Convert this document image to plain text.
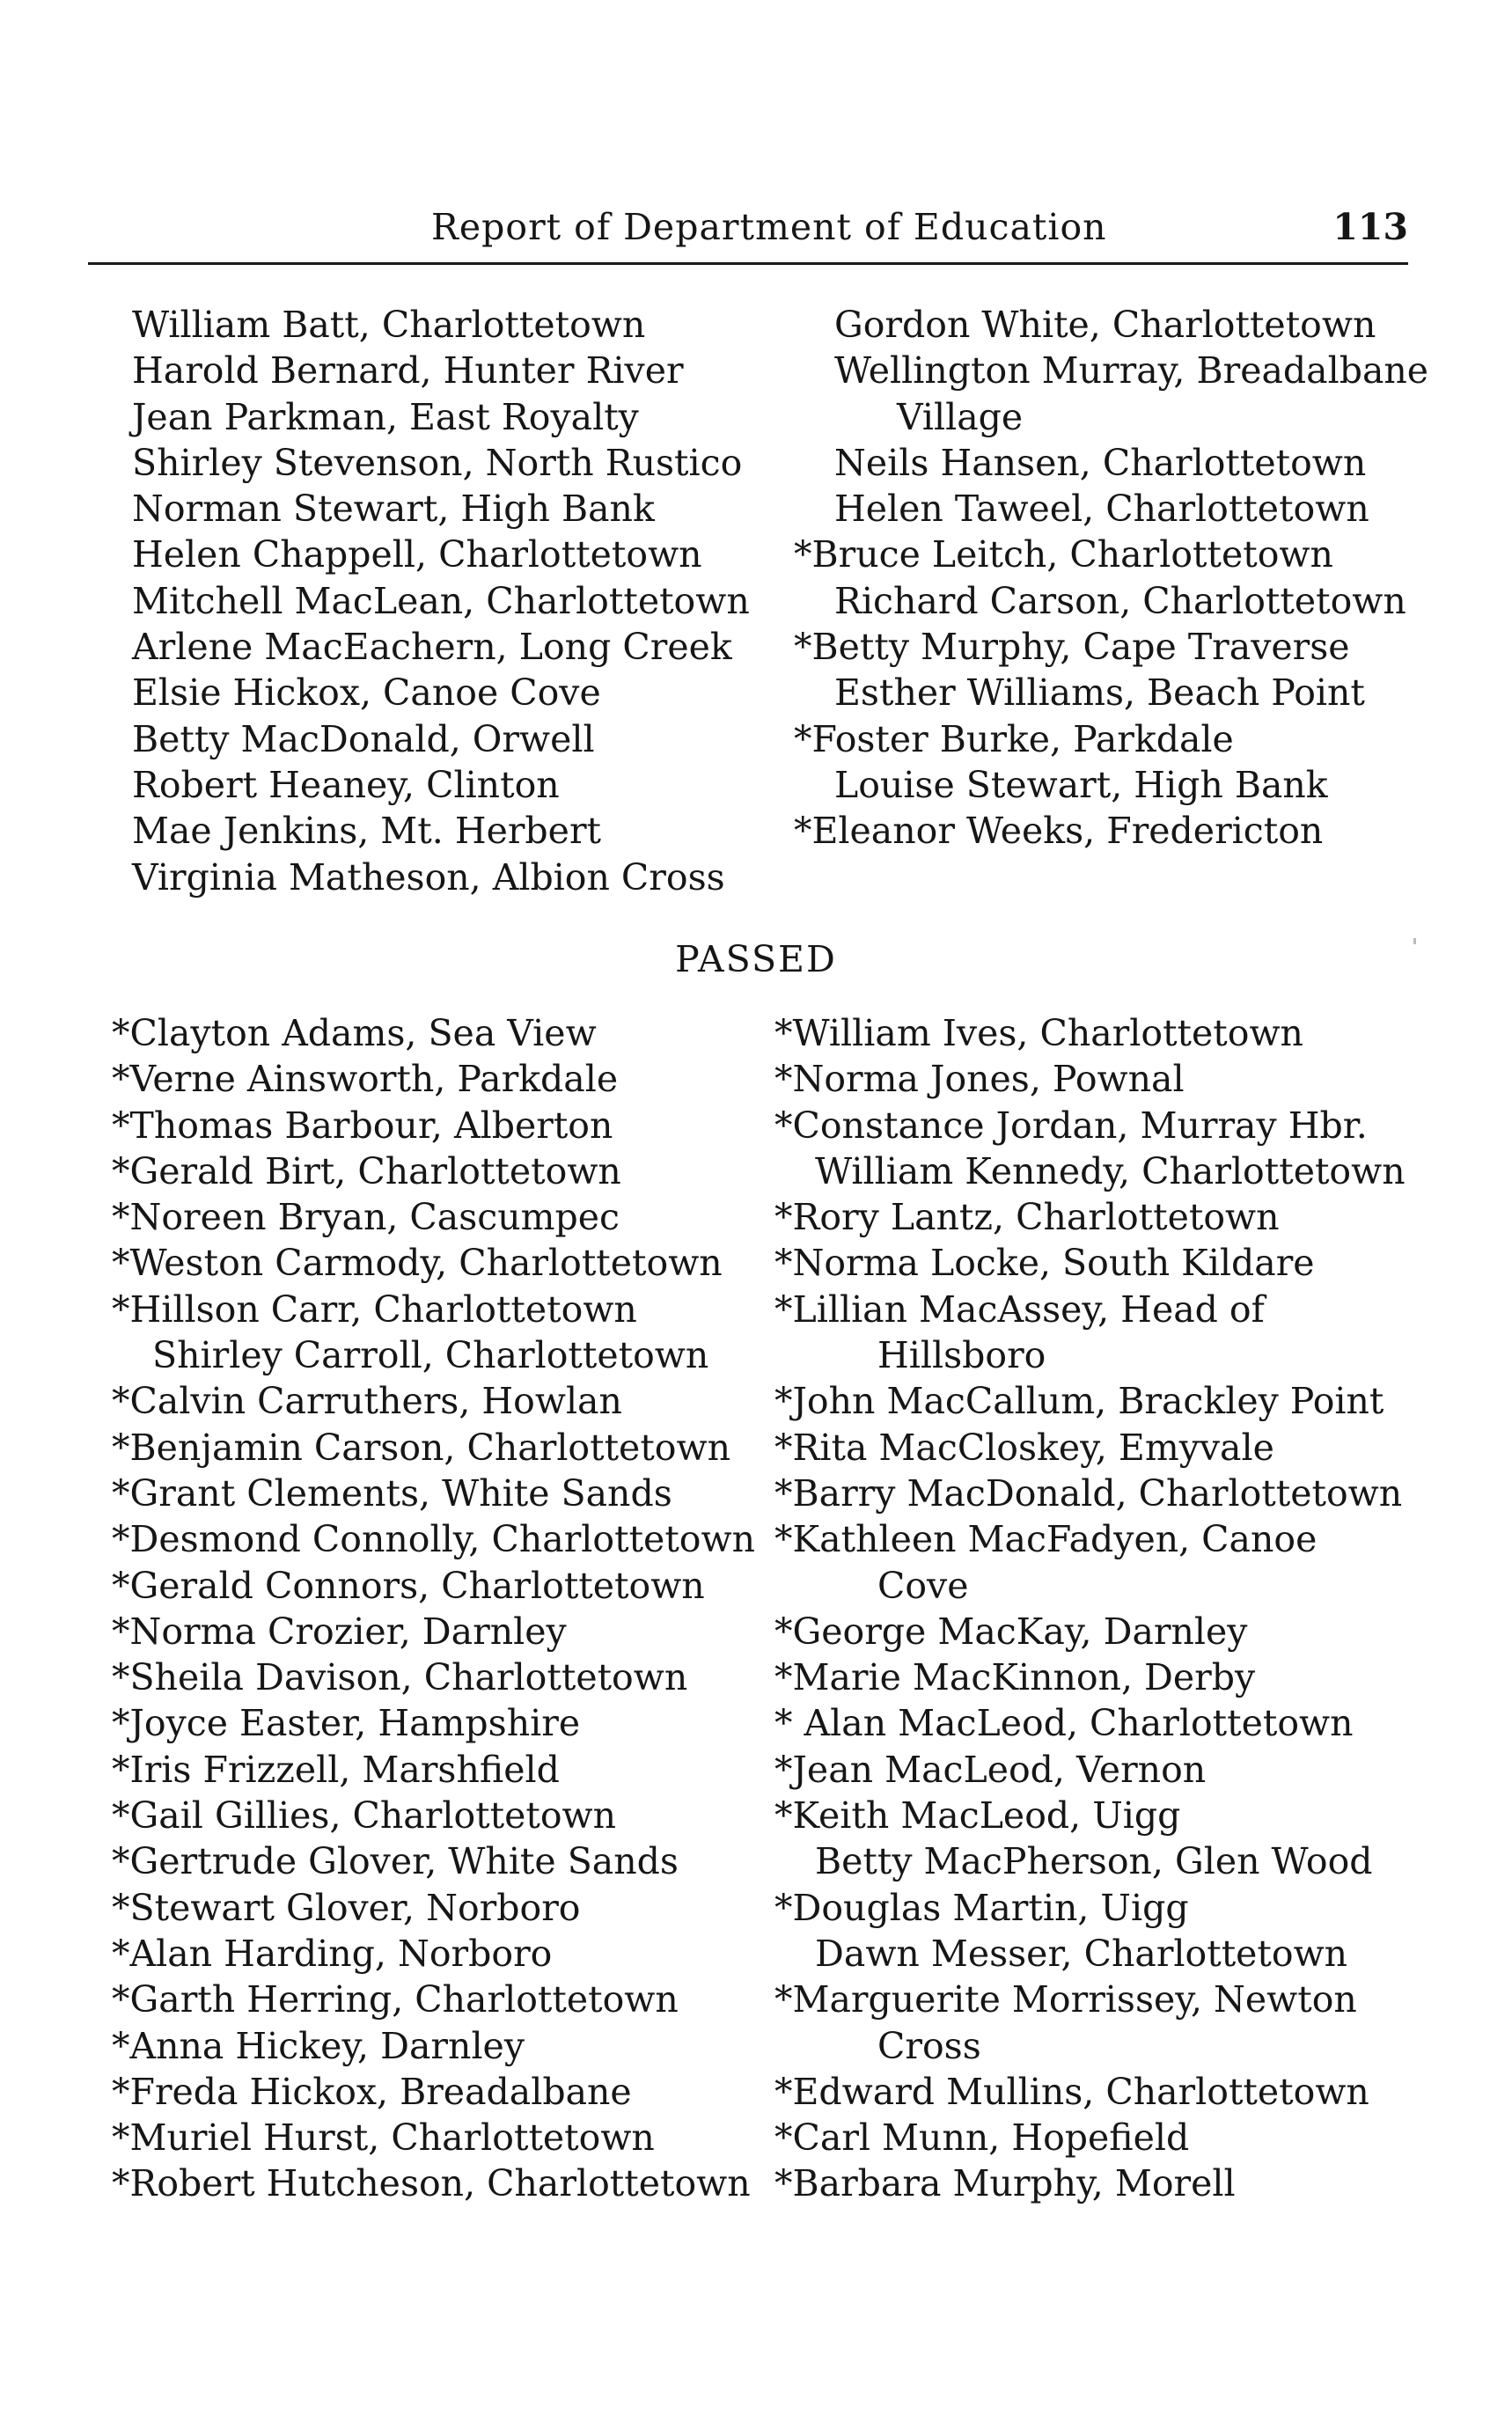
Report of Department of Education	113
William Batt, Charlottetown
Harold Bernard, Hunter River
Jean Parkman, East Royalty
Shirley Stevenson, North Rustico
Norman Stewart, High Bank
Helen Chappell, Charlottetown
Mitchell MacLean, Charlottetown
Arlene MacEachern, Long Creek
Elsie Hickox, Canoe Cove
Betty MacDonald, Orwell
Robert Heaney, Clinton
Mae Jenkins, Mt. Herbert
Virginia Matheson, Albion Cross
Gordon White, Charlottetown
Wellington Murray, Breadalbane
Village
Neils Hansen, Charlottetown
Helen Taweel, Charlottetown
*Bruce Leitch, Charlottetown
Richard Carson, Charlottetown
*Betty Murphy, Cape Traverse
Esther Williams, Beach Point
*Foster Burke, Parkdale
Louise Stewart, High Bank
*Eleanor Weeks, Fredericton
PASSED
*Clayton Adams, Sea View
*Verne Ainsworth, Parkdale
*Thomas Barbour, Alberton
*Gerald Birt, Charlottetown
*Noreen Bryan, Cascumpec
*Weston Carmody, Charlottetown
*Hillson Carr, Charlottetown
Shirley Carroll, Charlottetown
*Calvin Carruthers, Howlan
*Benjamin Carson, Charlottetown
*Grant Clements, White Sands
*Desmond Connolly, Charlottetown
*Gerald Connors, Charlottetown
*Norma Crozier, Darnley
*Sheila Davison, Charlottetown
*Joyce Easter, Hampshire
*Iris Frizzell, Marshfield
*Gail Gillies, Charlottetown
*Gertrude Glover, White Sands
*Stewart Glover, Norboro
*Alan Harding, Norboro
*Garth Herring, Charlottetown
*Anna Hickey, Darnley
*Freda Hickox, Breadalbane
*Muriel Hurst, Charlottetown
*Robert Hutcheson, Charlottetown
*William Ives, Charlottetown
*Norma Jones, Pownal
*Constance Jordan, Murray Hbr.
William Kennedy, Charlottetown
*Rory Lantz, Charlottetown
*Norma Locke, South Kildare
*Lillian MacAssey, Head of
Hillsboro
*John MacCallum, Brackley Point
*Rita MacCloskey, Emyvale
*Barry MacDonald, Charlottetown
*Kathleen MacFadyen, Canoe
Cove
*George MacKay, Darnley
*Marie MacKinnon, Derby
* Alan MacLeod, Charlottetown
*Jean MacLeod, Vernon
*Keith MacLeod, Uigg
Betty MacPherson, Glen Wood
*Douglas Martin, Uigg
Dawn Messer, Charlottetown
*Marguerite Morrissey, Newton
Cross
*Edward Mullins, Charlottetown
*Carl Munn, Hopefield
*Barbara Murphy, Morell
